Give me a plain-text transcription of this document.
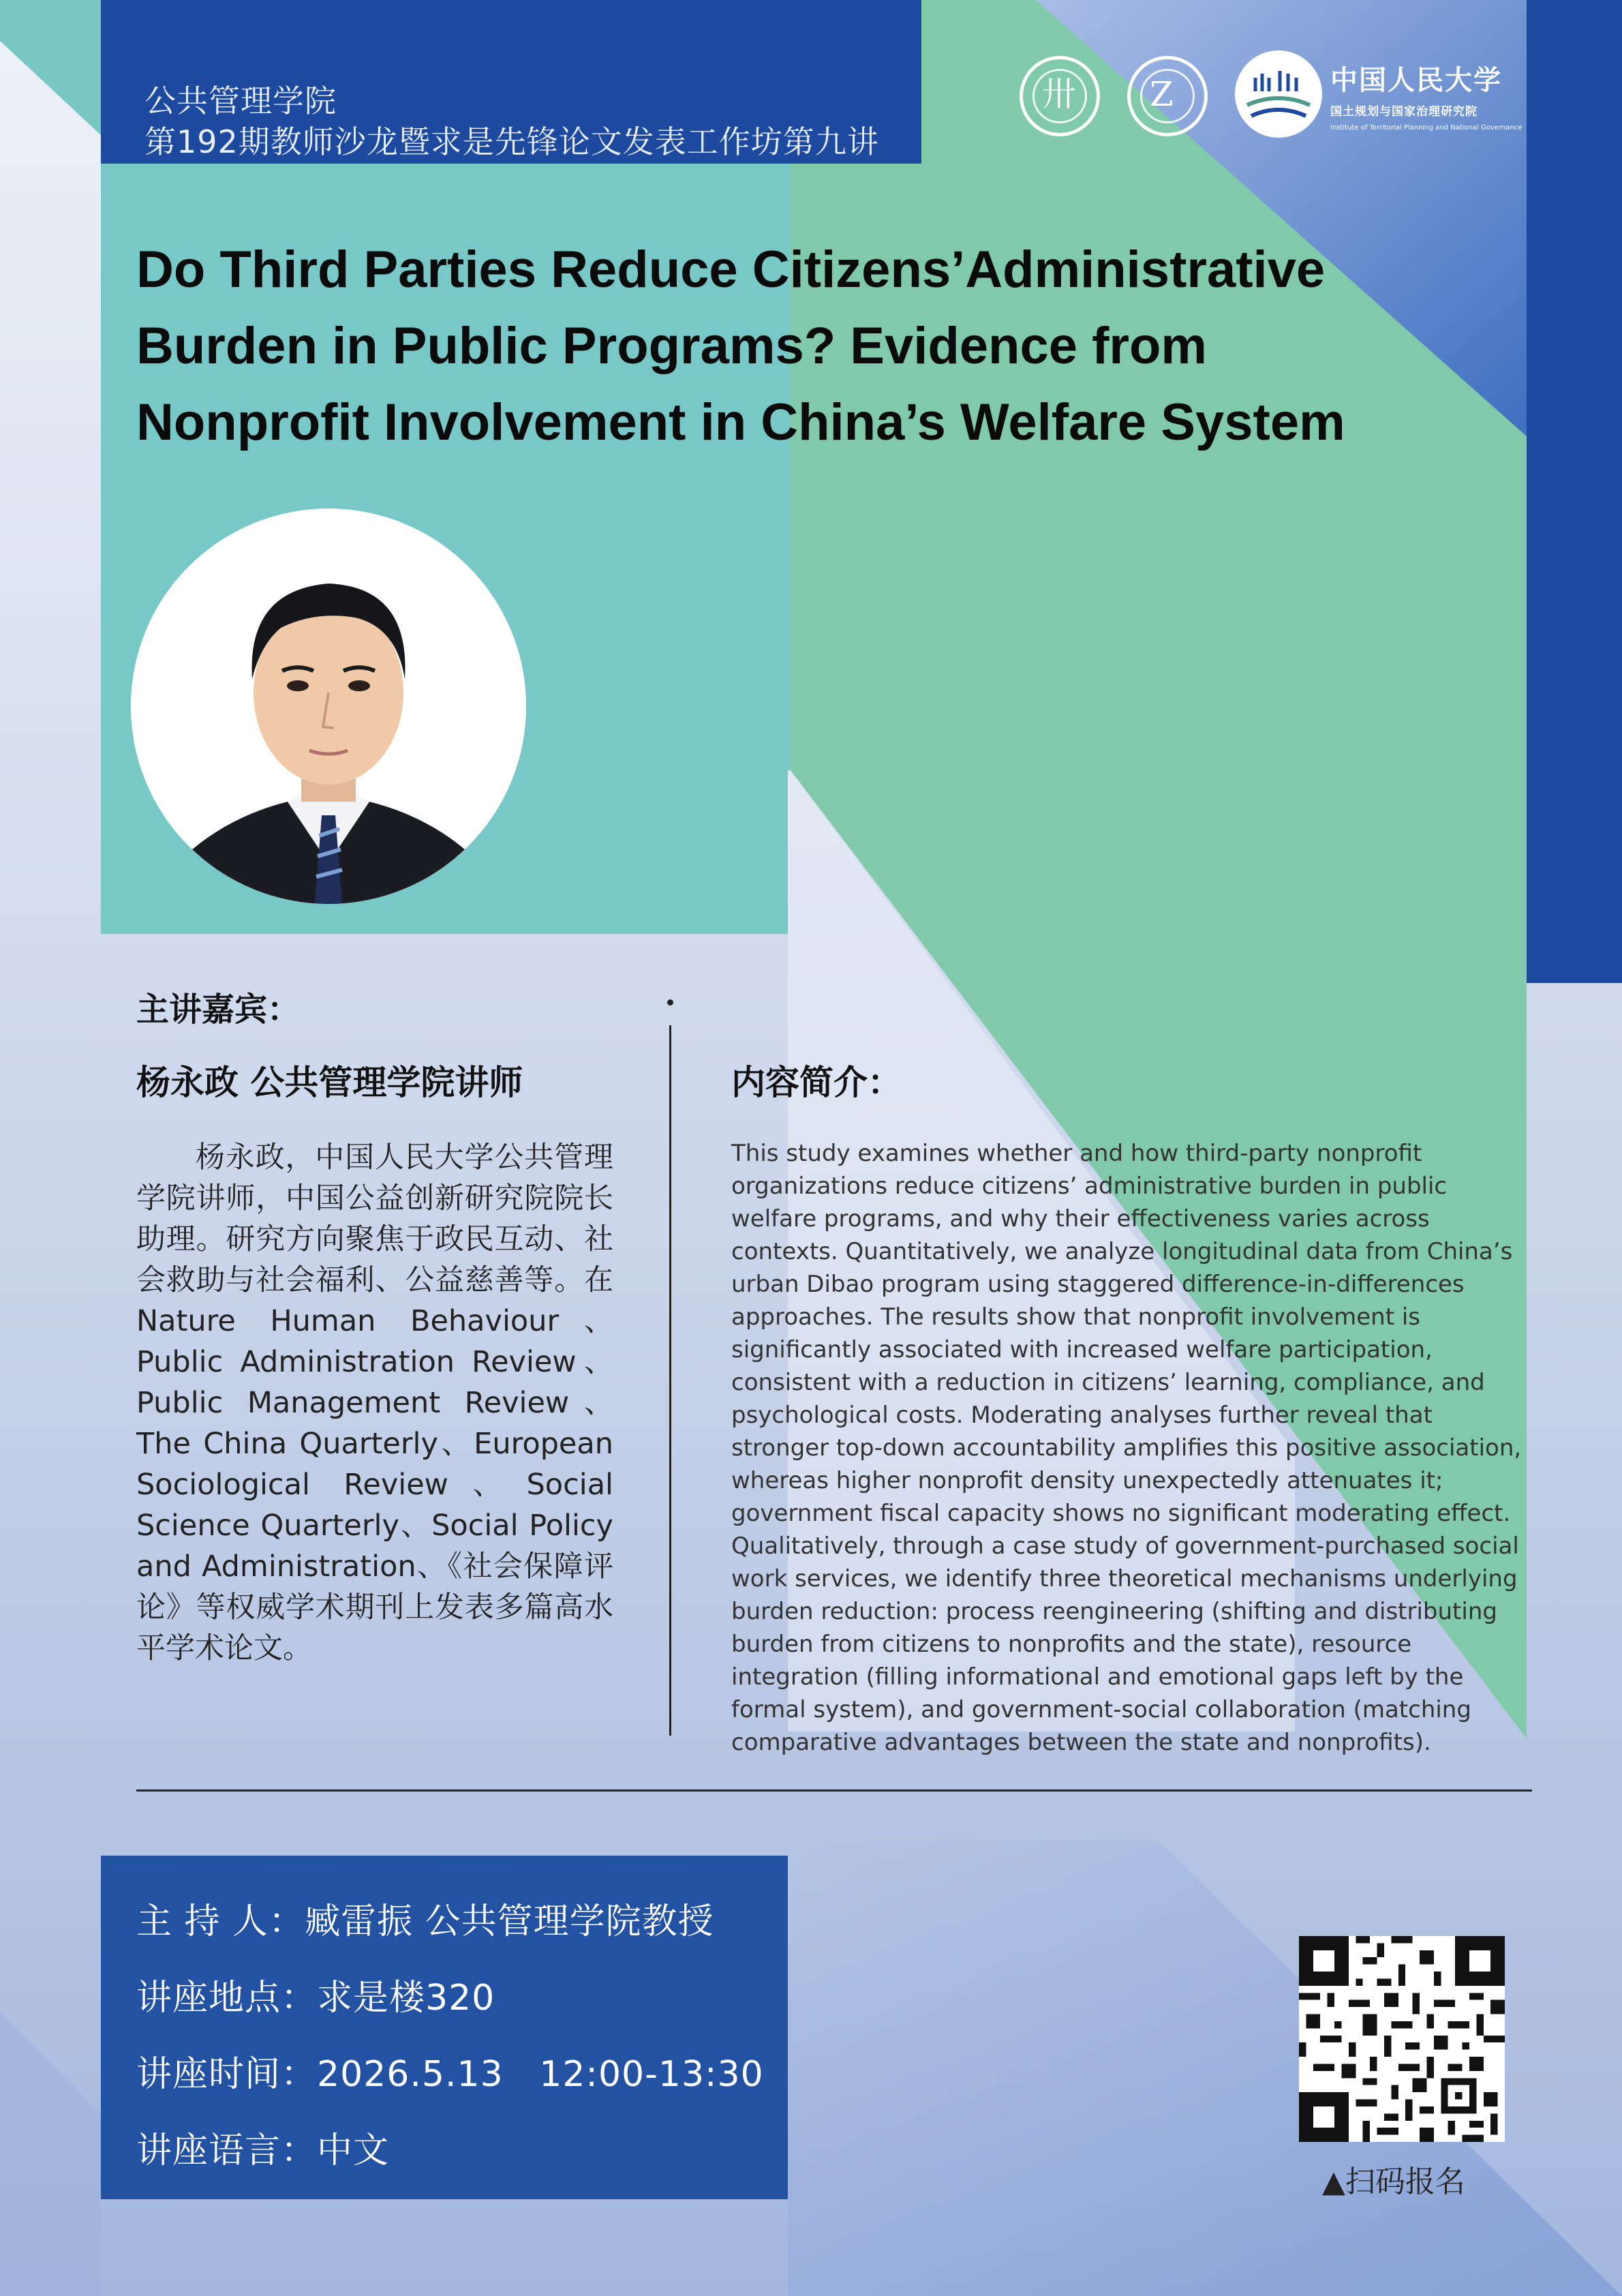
公共管理学院
第192期教师沙龙暨求是先锋论文发表工作坊第九讲
卅 Z	中国人民大学
国土规划与国家治理研究院
Institute of Territorial Planning and National Governance
Do Third Parties Reduce Citizens’Administrative
Burden in Public Programs? Evidence from
Nonprofit Involvement in China’s Welfare System
主讲嘉宾：
杨永政 公共管理学院讲师
杨永政，中国人民大学公共管理学院讲师，中国公益创新研究院院长助理。研究方向聚焦于政民互动、社会救助与社会福利、公益慈善等。在Nature Human Behaviour、Public Administration Review、Public Management Review、The China Quarterly、European Sociological Review、Social Science Quarterly、Social Policy and Administration、《社会保障评论》等权威学术期刊上发表多篇高水平学术论文。
内容简介：
This study examines whether and how third-party nonprofit organizations reduce citizens’ administrative burden in public welfare programs, and why their effectiveness varies across contexts. Quantitatively, we analyze longitudinal data from China’s urban Dibao program using staggered difference-in-differences approaches. The results show that nonprofit involvement is significantly associated with increased welfare participation, consistent with a reduction in citizens’ learning, compliance, and psychological costs. Moderating analyses further reveal that stronger top-down accountability amplifies this positive association, whereas higher nonprofit density unexpectedly attenuates it; government fiscal capacity shows no significant moderating effect. Qualitatively, through a case study of government-purchased social work services, we identify three theoretical mechanisms underlying burden reduction: process reengineering (shifting and distributing burden from citizens to nonprofits and the state), resource integration (filling informational and emotional gaps left by the formal system), and government-social collaboration (matching comparative advantages between the state and nonprofits).
主 持 人：臧雷振 公共管理学院教授
讲座地点：求是楼320
讲座时间：2026.5.13   12:00-13:30
讲座语言：中文
▲扫码报名
